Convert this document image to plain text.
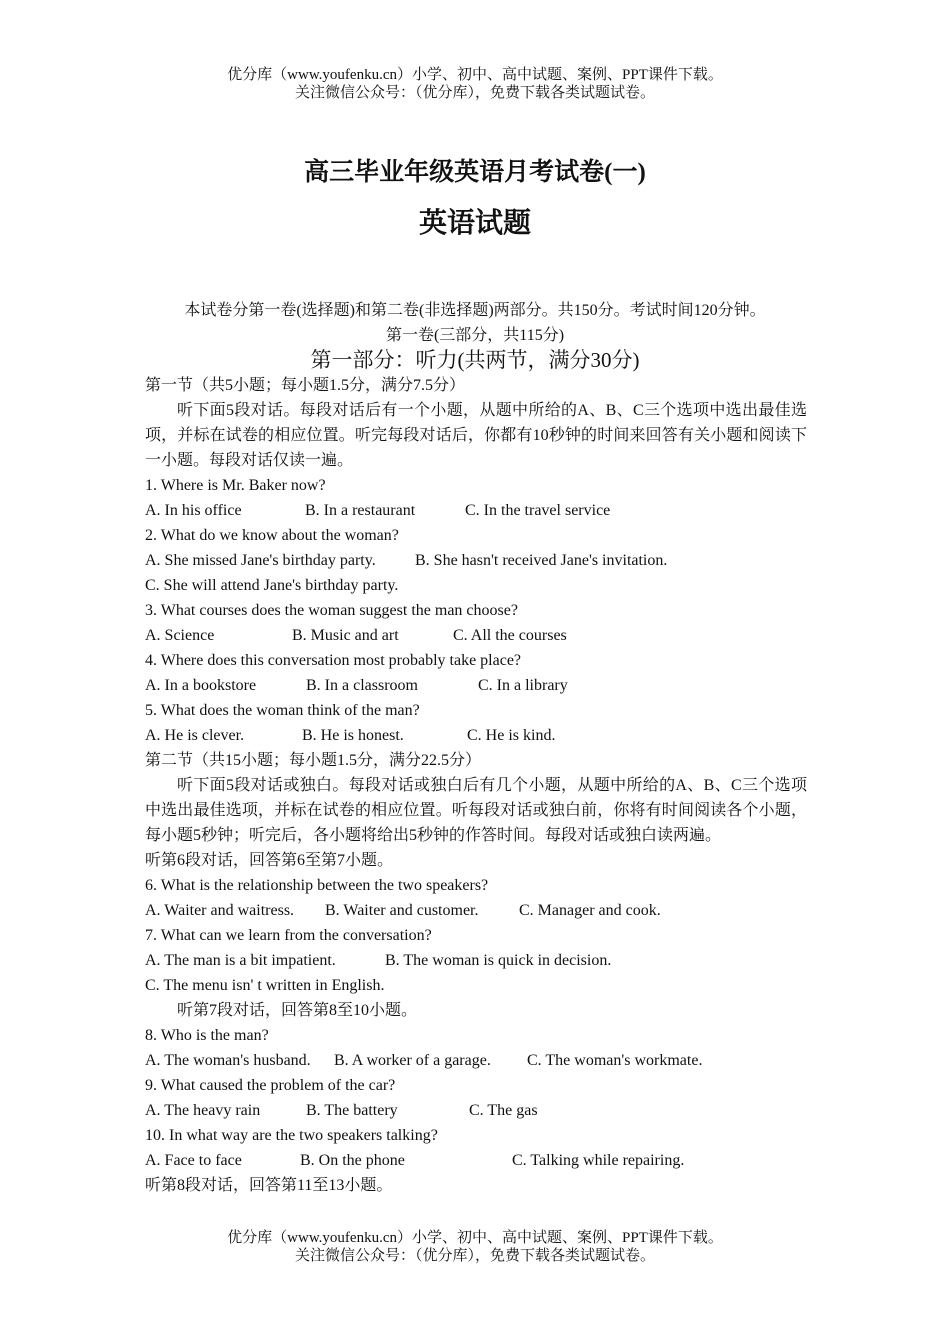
优分库（www.youfenku.cn）小学、初中、高中试题、案例、PPT课件下载。
关注微信公众号：（优分库），免费下载各类试题试卷。
高三毕业年级英语月考试卷(一)
英语试题
本试卷分第一卷(选择题)和第二卷(非选择题)两部分。共150分。考试时间120分钟。
第一卷(三部分，共115分)
第一部分：听力(共两节，满分30分)
第一节（共5小题；每小题1.5分，满分7.5分）
听下面5段对话。每段对话后有一个小题，从题中所给的A、B、C三个选项中选出最佳选项，并标在试卷的相应位置。听完每段对话后，你都有10秒钟的时间来回答有关小题和阅读下一小题。每段对话仅读一遍。
1. Where is Mr. Baker now?
A. In his office	B. In a restaurant	C. In the travel service
2. What do we know about the woman?
A. She missed Jane's birthday party. B. She hasn't received Jane's invitation.
C. She will attend Jane's birthday party.
3. What courses does the woman suggest the man choose?
A. Science	B. Music and art	C. All the courses
4. Where does this conversation most probably take place?
A. In a bookstore	B. In a classroom	C. In a library
5. What does the woman think of the man?
A. He is clever.	B. He is honest.	C. He is kind.
第二节（共15小题；每小题1.5分，满分22.5分）
听下面5段对话或独白。每段对话或独白后有几个小题，从题中所给的A、B、C三个选项中选出最佳选项，并标在试卷的相应位置。听每段对话或独白前，你将有时间阅读各个小题，每小题5秒钟；听完后，各小题将给出5秒钟的作答时间。每段对话或独白读两遍。
听第6段对话，回答第6至第7小题。
6. What is the relationship between the two speakers?
A. Waiter and waitress. B. Waiter and customer.	C. Manager and cook.
7. What can we learn from the conversation?
A. The man is a bit impatient.	B. The woman is quick in decision.
C. The menu isn' t written in English.
听第7段对话，回答第8至10小题。
8. Who is the man?
A. The woman's husband. B. A worker of a garage. C. The woman's workmate.
9. What caused the problem of the car?
A. The heavy rain	B. The battery	C. The gas
10. In what way are the two speakers talking?
A. Face to face	B. On the phone	C. Talking while repairing.
听第8段对话，回答第11至13小题。
优分库（www.youfenku.cn）小学、初中、高中试题、案例、PPT课件下载。
关注微信公众号：（优分库），免费下载各类试题试卷。
